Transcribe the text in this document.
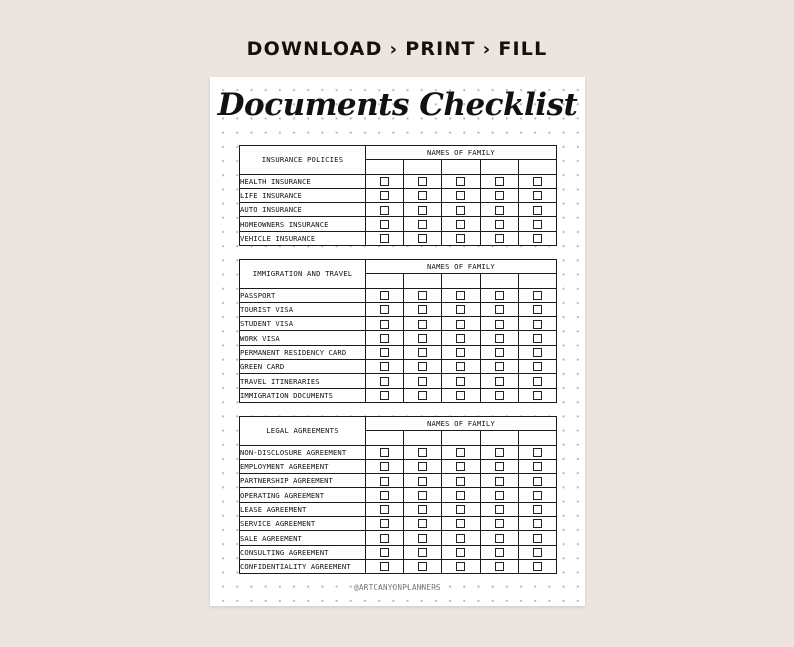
DOWNLOAD › PRINT › FILL
Documents Checklist
INSURANCE POLICIES	NAMES OF FAMILY				

HEALTH INSURANCE					
LIFE INSURANCE					
AUTO INSURANCE					
HOMEOWNERS INSURANCE					
VEHICLE INSURANCE					
IMMIGRATION AND TRAVEL	NAMES OF FAMILY				

PASSPORT					
TOURIST VISA					
STUDENT VISA					
WORK VISA					
PERMANENT RESIDENCY CARD					
GREEN CARD					
TRAVEL ITINERARIES					
IMMIGRATION DOCUMENTS					
LEGAL AGREEMENTS	NAMES OF FAMILY				

NON-DISCLOSURE AGREEMENT					
EMPLOYMENT AGREEMENT					
PARTNERSHIP AGREEMENT					
OPERATING AGREEMENT					
LEASE AGREEMENT					
SERVICE AGREEMENT					
SALE AGREEMENT					
CONSULTING AGREEMENT					
CONFIDENTIALITY AGREEMENT					
@ARTCANYONPLANNERS
